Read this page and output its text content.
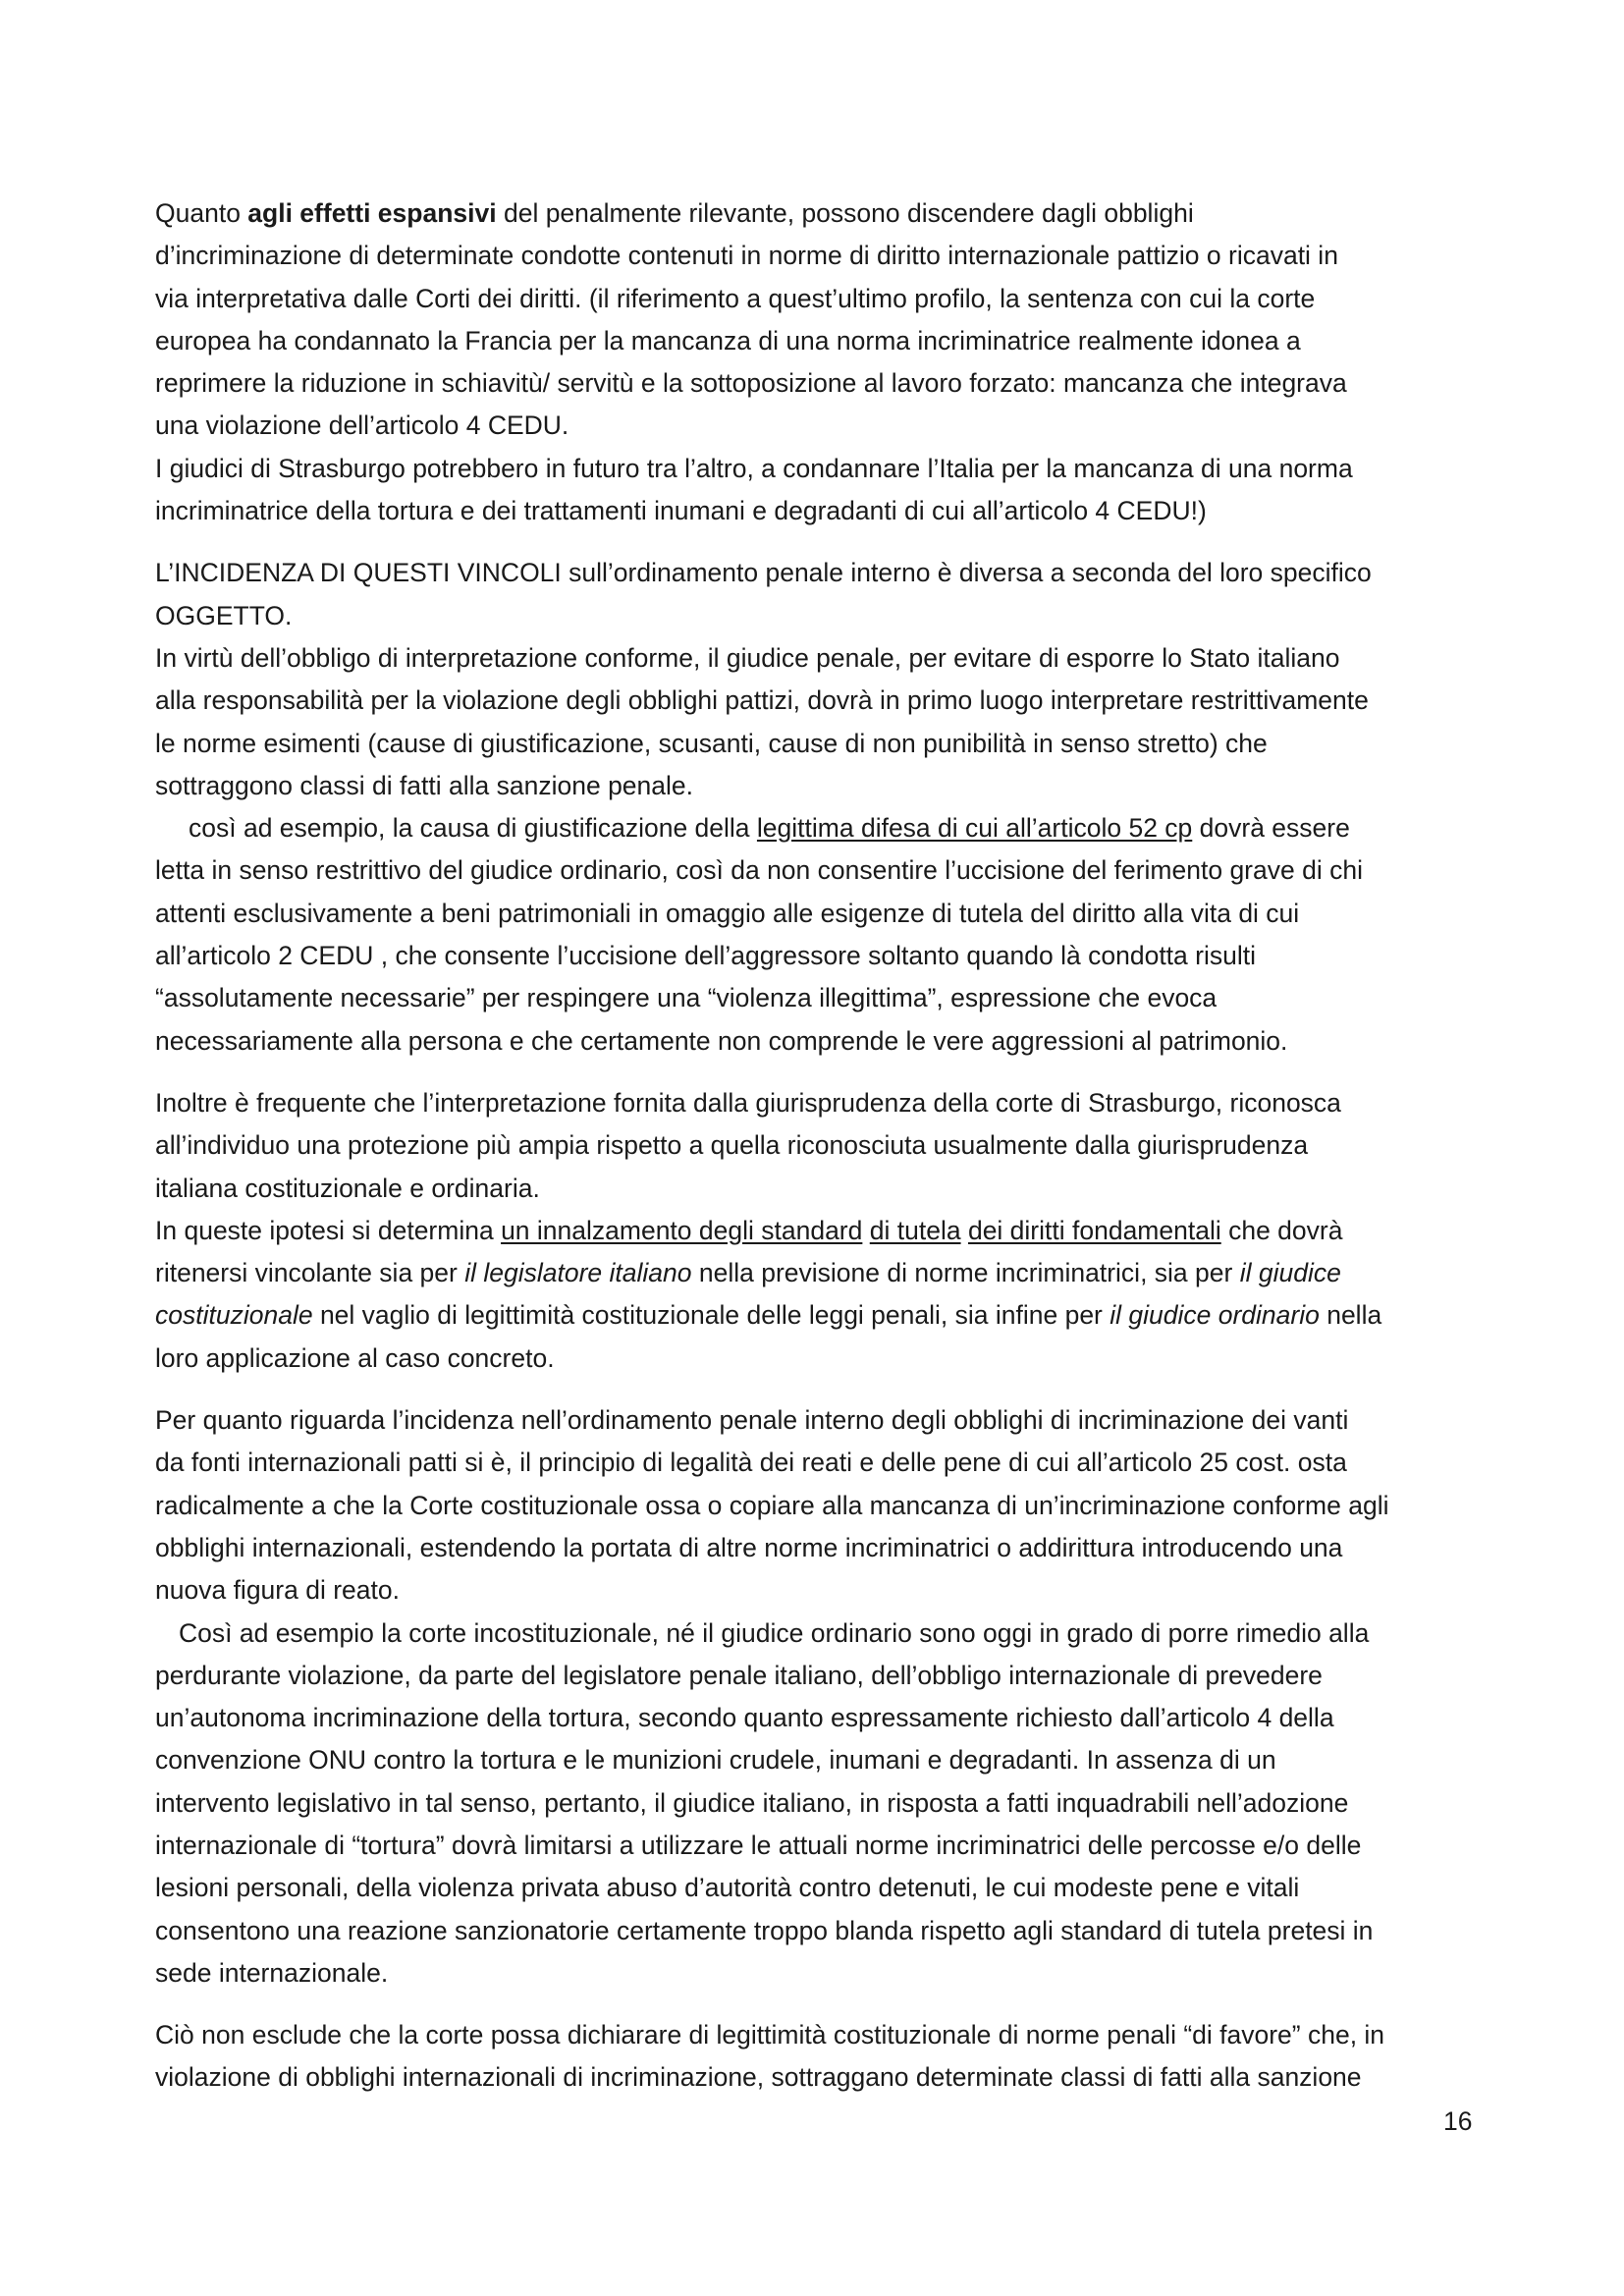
Quanto agli effetti espansivi del penalmente rilevante, possono discendere dagli obblighi
d’incriminazione di determinate condotte contenuti in norme di diritto internazionale pattizio o ricavati in
via interpretativa dalle Corti dei diritti. (il riferimento a quest’ultimo profilo, la sentenza con cui la corte
europea ha condannato la Francia per la mancanza di una norma incriminatrice realmente idonea a
reprimere la riduzione in schiavitù/ servitù e la sottoposizione al lavoro forzato: mancanza che integrava
una violazione dell’articolo 4 CEDU.
I giudici di Strasburgo potrebbero in futuro tra l’altro, a condannare l’Italia per la mancanza di una norma
incriminatrice della tortura e dei trattamenti inumani e degradanti di cui all’articolo 4 CEDU!)
L’INCIDENZA DI QUESTI VINCOLI sull’ordinamento penale interno è diversa a seconda del loro specifico
OGGETTO.
In virtù dell’obbligo di interpretazione conforme, il giudice penale, per evitare di esporre lo Stato italiano
alla responsabilità per la violazione degli obblighi pattizi, dovrà in primo luogo interpretare restrittivamente
le norme esimenti (cause di giustificazione, scusanti, cause di non punibilità in senso stretto) che
sottraggono classi di fatti alla sanzione penale.
così ad esempio, la causa di giustificazione della legittima difesa di cui all’articolo 52 cp dovrà essere
letta in senso restrittivo del giudice ordinario, così da non consentire l’uccisione del ferimento grave di chi
attenti esclusivamente a beni patrimoniali in omaggio alle esigenze di tutela del diritto alla vita di cui
all’articolo 2 CEDU , che consente l’uccisione dell’aggressore soltanto quando là condotta risulti
“assolutamente necessarie” per respingere una “violenza illegittima”, espressione che evoca
necessariamente alla persona e che certamente non comprende le vere aggressioni al patrimonio.
Inoltre è frequente che l’interpretazione fornita dalla giurisprudenza della corte di Strasburgo, riconosca
all’individuo una protezione più ampia rispetto a quella riconosciuta usualmente dalla giurisprudenza
italiana costituzionale e ordinaria.
In queste ipotesi si determina un innalzamento degli standard di tutela dei diritti fondamentali che dovrà
ritenersi vincolante sia per il legislatore italiano nella previsione di norme incriminatrici, sia per il giudice
costituzionale nel vaglio di legittimità costituzionale delle leggi penali, sia infine per il giudice ordinario nella
loro applicazione al caso concreto.
Per quanto riguarda l’incidenza nell’ordinamento penale interno degli obblighi di incriminazione dei vanti
da fonti internazionali patti si è, il principio di legalità dei reati e delle pene di cui all’articolo 25 cost. osta
radicalmente a che la Corte costituzionale ossa o copiare alla mancanza di un’incriminazione conforme agli
obblighi internazionali, estendendo la portata di altre norme incriminatrici o addirittura introducendo una
nuova figura di reato.
Così ad esempio la corte incostituzionale, né il giudice ordinario sono oggi in grado di porre rimedio alla
perdurante violazione, da parte del legislatore penale italiano, dell’obbligo internazionale di prevedere
un’autonoma incriminazione della tortura, secondo quanto espressamente richiesto dall’articolo 4 della
convenzione ONU contro la tortura e le munizioni crudele, inumani e degradanti. In assenza di un
intervento legislativo in tal senso, pertanto, il giudice italiano, in risposta a fatti inquadrabili nell’adozione
internazionale di “tortura” dovrà limitarsi a utilizzare le attuali norme incriminatrici delle percosse e/o delle
lesioni personali, della violenza privata abuso d’autorità contro detenuti, le cui modeste pene e vitali
consentono una reazione sanzionatorie certamente troppo blanda rispetto agli standard di tutela pretesi in
sede internazionale.
Ciò non esclude che la corte possa dichiarare di legittimità costituzionale di norme penali “di favore” che, in
violazione di obblighi internazionali di incriminazione, sottraggano determinate classi di fatti alla sanzione
16
